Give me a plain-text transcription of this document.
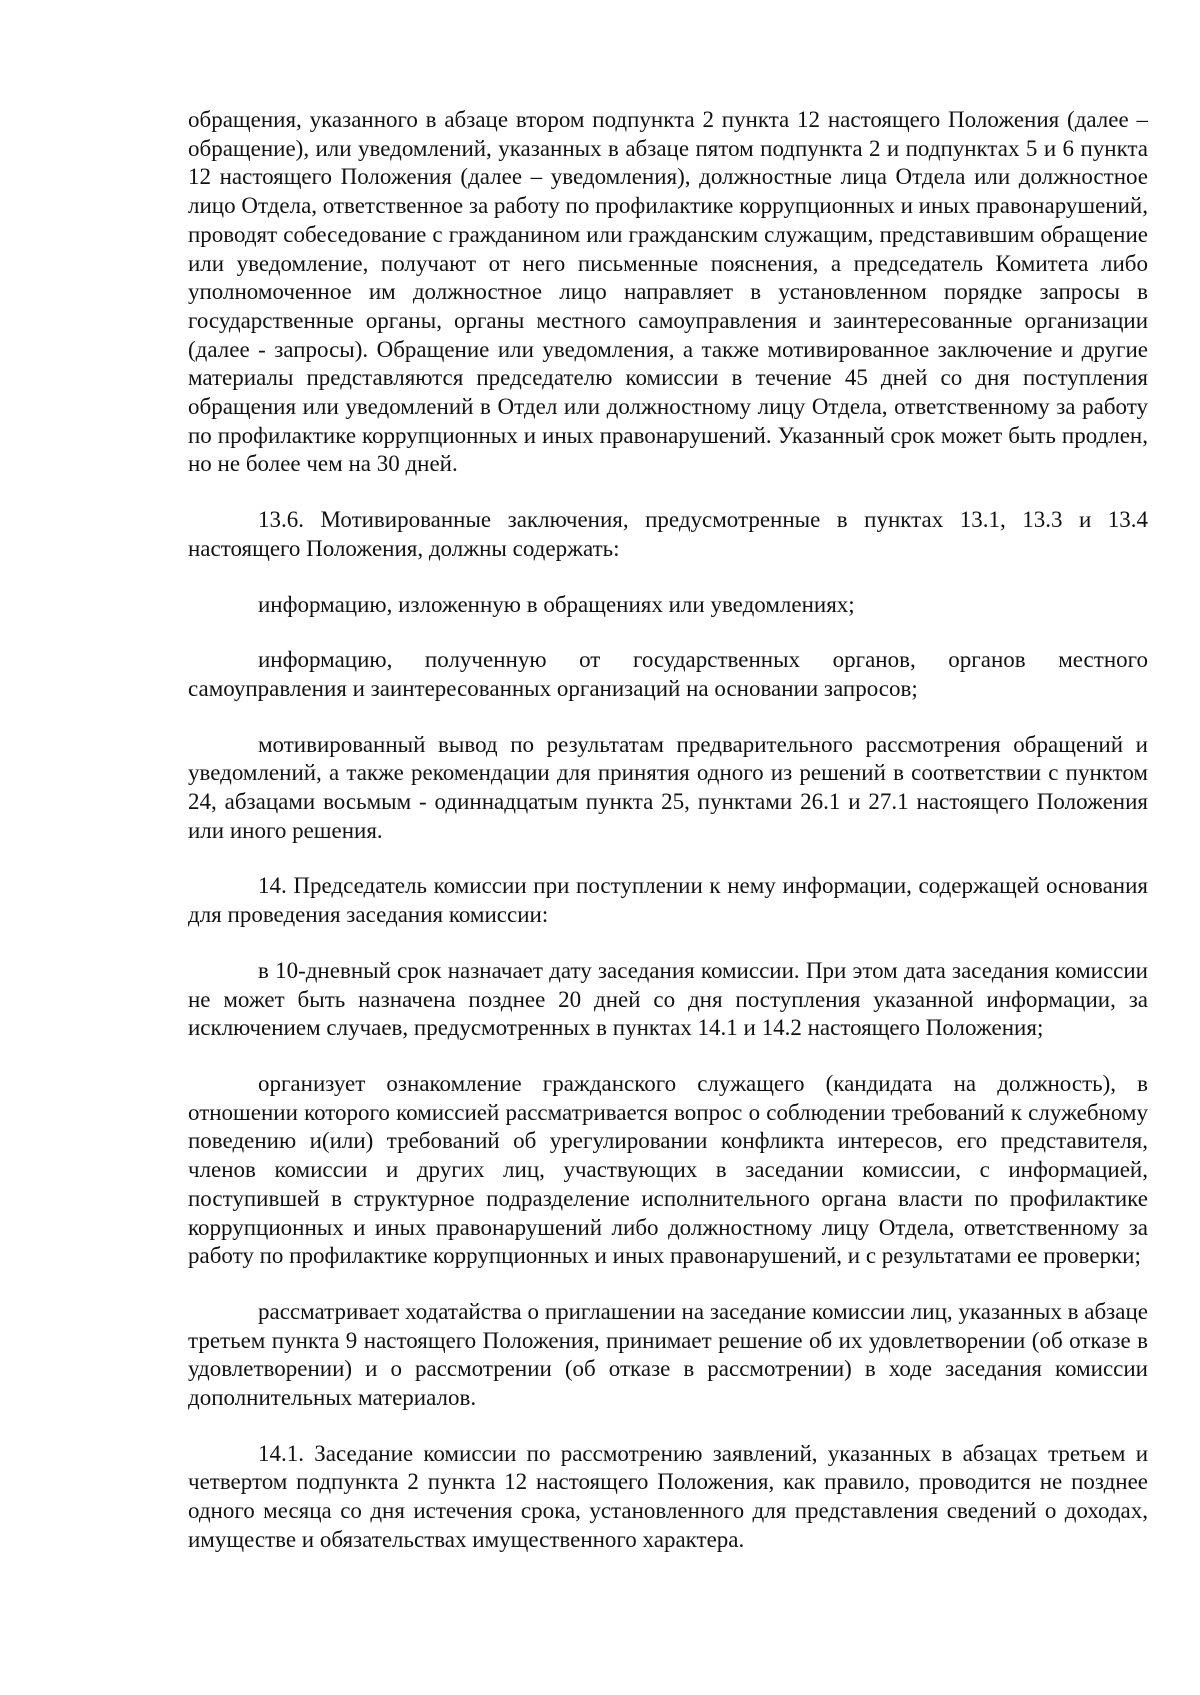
обращения, указанного в абзаце втором подпункта 2 пункта 12 настоящего Положения (далее – обращение), или уведомлений, указанных в абзаце пятом подпункта 2 и подпунктах 5 и 6 пункта 12 настоящего Положения (далее – уведомления), должностные лица Отдела или должностное лицо Отдела, ответственное за работу по профилактике коррупционных и иных правонарушений, проводят собеседование с гражданином или гражданским служащим, представившим обращение или уведомление, получают от него письменные пояснения, а председатель Комитета либо уполномоченное им должностное лицо направляет в установленном порядке запросы в государственные органы, органы местного самоуправления и заинтересованные организации (далее - запросы). Обращение или уведомления, а также мотивированное заключение и другие материалы представляются председателю комиссии в течение 45 дней со дня поступления обращения или уведомлений в Отдел или должностному лицу Отдела, ответственному за работу по профилактике коррупционных и иных правонарушений. Указанный срок может быть продлен, но не более чем на 30 дней.

13.6. Мотивированные заключения, предусмотренные в пунктах 13.1, 13.3 и 13.4 настоящего Положения, должны содержать:

информацию, изложенную в обращениях или уведомлениях;

информацию, полученную от государственных органов, органов местного самоуправления и заинтересованных организаций на основании запросов;

мотивированный вывод по результатам предварительного рассмотрения обращений и уведомлений, а также рекомендации для принятия одного из решений в соответствии с пунктом 24, абзацами восьмым - одиннадцатым пункта 25, пунктами 26.1 и 27.1 настоящего Положения или иного решения.

14. Председатель комиссии при поступлении к нему информации, содержащей основания для проведения заседания комиссии:

в 10-дневный срок назначает дату заседания комиссии. При этом дата заседания комиссии не может быть назначена позднее 20 дней со дня поступления указанной информации, за исключением случаев, предусмотренных в пунктах 14.1 и 14.2 настоящего Положения;

организует ознакомление гражданского служащего (кандидата на должность), в отношении которого комиссией рассматривается вопрос о соблюдении требований к служебному поведению и(или) требований об урегулировании конфликта интересов, его представителя, членов комиссии и других лиц, участвующих в заседании комиссии, с информацией, поступившей в структурное подразделение исполнительного органа власти по профилактике коррупционных и иных правонарушений либо должностному лицу Отдела, ответственному за работу по профилактике коррупционных и иных правонарушений, и с результатами ее проверки;

рассматривает ходатайства о приглашении на заседание комиссии лиц, указанных в абзаце третьем пункта 9 настоящего Положения, принимает решение об их удовлетворении (об отказе в удовлетворении) и о рассмотрении (об отказе в рассмотрении) в ходе заседания комиссии дополнительных материалов.

14.1. Заседание комиссии по рассмотрению заявлений, указанных в абзацах третьем и четвертом подпункта 2 пункта 12 настоящего Положения, как правило, проводится не позднее одного месяца со дня истечения срока, установленного для представления сведений о доходах, имуществе и обязательствах имущественного характера.
